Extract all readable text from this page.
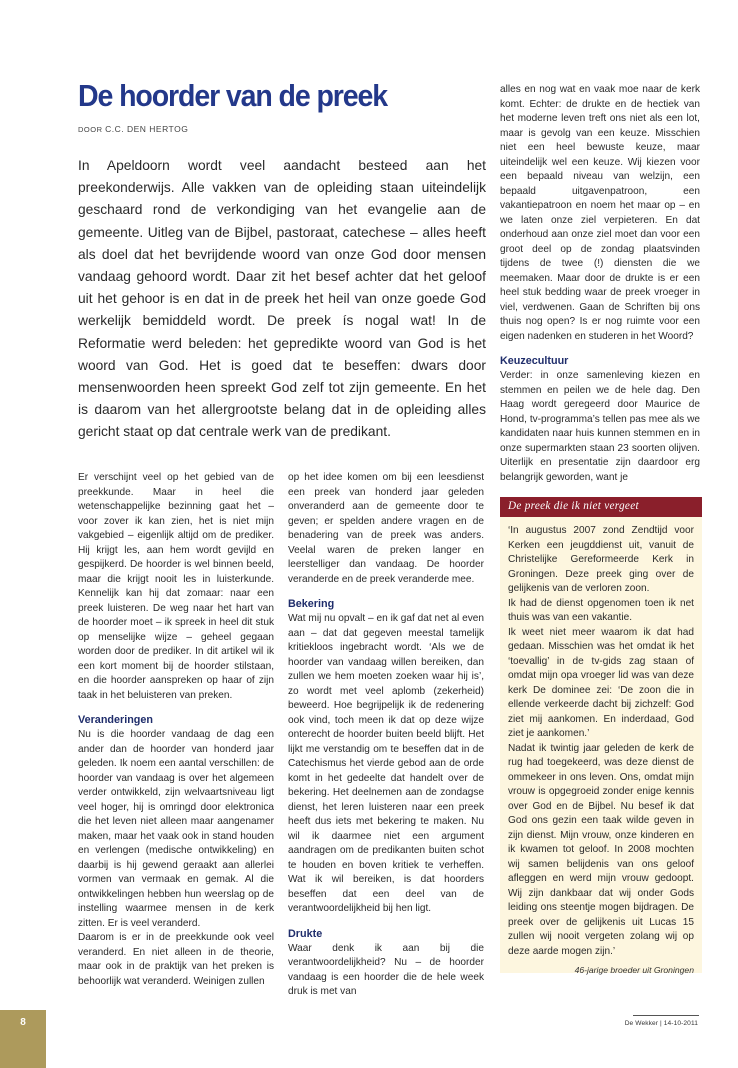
De hoorder van de preek
DOOR C.C. DEN HERTOG

In Apeldoorn wordt veel aandacht besteed aan het preekonderwijs. Alle vakken van de opleiding staan uiteindelijk geschaard rond de verkondiging van het evangelie aan de gemeente. Uitleg van de Bijbel, pastoraat, catechese – alles heeft als doel dat het bevrijdende woord van onze God door mensen vandaag gehoord wordt. Daar zit het besef achter dat het geloof uit het gehoor is en dat in de preek het heil van onze goede God werkelijk bemiddeld wordt. De preek ís nogal wat! In de Reformatie werd beleden: het gepredikte woord van God is het woord van God. Het is goed dat te beseffen: dwars door mensenwoorden heen spreekt God zelf tot zijn gemeente. En het is daarom van het allergrootste belang dat in de opleiding alles gericht staat op dat centrale werk van de predikant.

Er verschijnt veel op het gebied van de preekkunde. Maar in heel die wetenschappelijke bezinning gaat het – voor zover ik kan zien, het is niet mijn vakgebied – eigenlijk altijd om de prediker. Hij krijgt les, aan hem wordt gevijld en gespijkerd. De hoorder is wel binnen beeld, maar die krijgt nooit les in luisterkunde. Kennelijk kan hij dat zomaar: naar een preek luisteren. De weg naar het hart van de hoorder moet – ik spreek in heel dit stuk op menselijke wijze – geheel gegaan worden door de prediker. In dit artikel wil ik een kort moment bij de hoorder stilstaan, en die hoorder aanspreken op haar of zijn taak in het beluisteren van preken.

Veranderingen

Nu is die hoorder vandaag de dag een ander dan de hoorder van honderd jaar geleden. Ik noem een aantal verschillen: de hoorder van vandaag is over het algemeen verder ontwikkeld, zijn welvaartsniveau ligt veel hoger, hij is omringd door elektronica die het leven niet alleen maar aangenamer maken, maar het vaak ook in stand houden en verlengen (medische ontwikkeling) en daarbij is hij gewend geraakt aan allerlei vormen van vermaak en gemak. Al die ontwikkelingen hebben hun weerslag op de instelling waarmee mensen in de kerk zitten. Er is veel veranderd.

Daarom is er in de preekkunde ook veel veranderd. En niet alleen in de theorie, maar ook in de praktijk van het preken is behoorlijk wat veranderd. Weinigen zullen

op het idee komen om bij een leesdienst een preek van honderd jaar geleden onveranderd aan de gemeente door te geven; er spelden andere vragen en de benadering van de preek was anders. Veelal waren de preken langer en leerstelliger dan vandaag. De hoorder veranderde en de preek veranderde mee.

Bekering

Wat mij nu opvalt – en ik gaf dat net al even aan – dat dat gegeven meestal tamelijk kritiekloos ingebracht wordt. ‘Als we de hoorder van vandaag willen bereiken, dan zullen we hem moeten zoeken waar hij is’, zo wordt met veel aplomb (zekerheid) beweerd. Hoe begrijpelijk ik de redenering ook vind, toch meen ik dat op deze wijze onterecht de hoorder buiten beeld blijft. Het lijkt me verstandig om te beseffen dat in de Catechismus het vierde gebod aan de orde komt in het gedeelte dat handelt over de bekering. Het deelnemen aan de zondagse dienst, het leren luisteren naar een preek heeft dus iets met bekering te maken. Nu wil ik daarmee niet een argument aandragen om de predikanten buiten schot te houden en boven kritiek te verheffen. Wat ik wil bereiken, is dat hoorders beseffen dat een deel van de verantwoordelijkheid bij hen ligt.

Drukte

Waar denk ik aan bij die verantwoordelijkheid? Nu – de hoorder vandaag is een hoorder die de hele week druk is met van

alles en nog wat en vaak moe naar de kerk komt. Echter: de drukte en de hectiek van het moderne leven treft ons niet als een lot, maar is gevolg van een keuze. Misschien niet een heel bewuste keuze, maar uiteindelijk wel een keuze. Wij kiezen voor een bepaald niveau van welzijn, een bepaald uitgavenpatroon, een vakantiepatroon en noem het maar op – en we laten onze ziel verpieteren. En dat onderhoud aan onze ziel moet dan voor een groot deel op de zondag plaatsvinden tijdens de twee (!) diensten die we meemaken. Maar door de drukte is er een heel stuk bedding waar de preek vroeger in viel, verdwenen. Gaan de Schriften bij ons thuis nog open? Is er nog ruimte voor een eigen nadenken en studeren in het Woord?

Keuzecultuur

Verder: in onze samenleving kiezen en stemmen en peilen we de hele dag. Den Haag wordt geregeerd door Maurice de Hond, tv-programma’s tellen pas mee als we kandidaten naar huis kunnen stemmen en in onze supermarkten staan 23 soorten olijven. Uiterlijk en presentatie zijn daardoor erg belangrijk geworden, want je

De preek die ik niet vergeet

‘In augustus 2007 zond Zendtijd voor Kerken een jeugddienst uit, vanuit de Christelijke Gereformeerde Kerk in Groningen. Deze preek ging over de gelijkenis van de verloren zoon.

Ik had de dienst opgenomen toen ik net thuis was van een vakantie.

Ik weet niet meer waarom ik dat had gedaan. Misschien was het omdat ik het ‘toevallig’ in de tv-gids zag staan of omdat mijn opa vroeger lid was van deze kerk De dominee zei: ‘De zoon die in ellende verkeerde dacht bij zichzelf: God ziet mij aankomen. En inderdaad, God ziet je aankomen.’

Nadat ik twintig jaar geleden de kerk de rug had toegekeerd, was deze dienst de ommekeer in ons leven. Ons, omdat mijn vrouw is opgegroeid zonder enige kennis over God en de Bijbel. Nu besef ik dat God ons gezin een taak wilde geven in zijn dienst. Mijn vrouw, onze kinderen en ik kwamen tot geloof. In 2008 mochten wij samen belijdenis van ons geloof afleggen en werd mijn vrouw gedoopt. Wij zijn dankbaar dat wij onder Gods leiding ons steentje mogen bijdragen. De preek over de gelijkenis uit Lucas 15 zullen wij nooit vergeten zolang wij op deze aarde mogen zijn.’

46-jarige broeder uit Groningen
8	De Wekker | 14-10-2011
